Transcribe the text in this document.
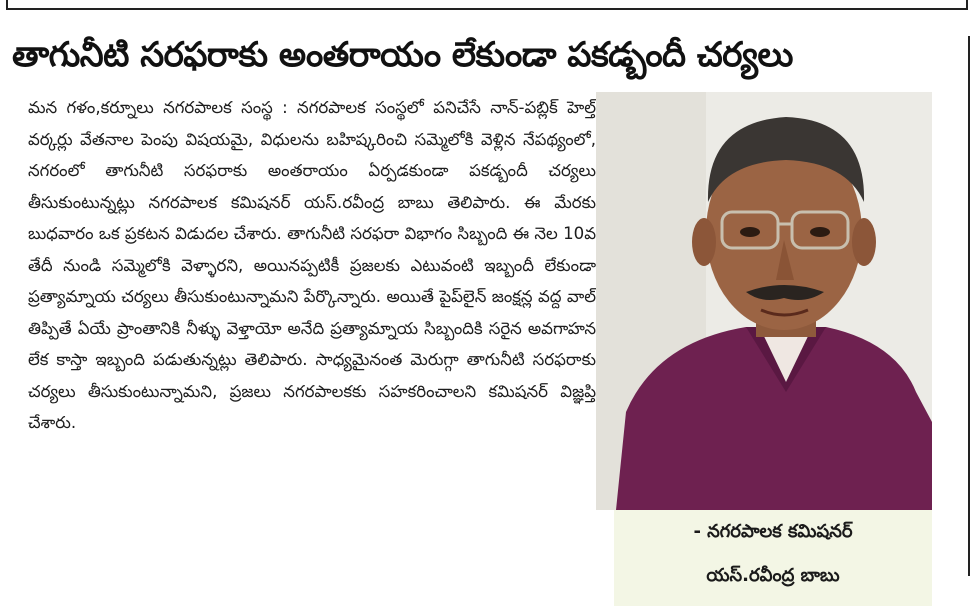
తాగునీటి సరఫరాకు అంతరాయం లేకుండా పకడ్బందీ చర్యలు
మన గళం,కర్నూలు నగరపాలక సంస్థ : నగరపాలక సంస్థలో పనిచేసే నాన్-పబ్లిక్ హెల్త్ వర్కర్లు వేతనాల పెంపు విషయమై, విధులను బహిష్కరించి సమ్మెలోకి వెళ్లిన నేపథ్యంలో, నగరంలో తాగునీటి సరఫరాకు అంతరాయం ఏర్పడకుండా పకడ్బందీ చర్యలు తీసుకుంటున్నట్లు నగరపాలక కమిషనర్ యస్.రవీంద్ర బాబు తెలిపారు. ఈ మేరకు బుధవారం ఒక ప్రకటన విడుదల చేశారు. తాగునీటి సరఫరా విభాగం సిబ్బంది ఈ నెల 10వ తేదీ నుండి సమ్మెలోకి వెళ్ళారని, అయినప్పటికీ ప్రజలకు ఎటువంటి ఇబ్బందీ లేకుండా ప్రత్యామ్నాయ చర్యలు తీసుకుంటున్నామని పేర్కొన్నారు. అయితే పైప్‌లైన్ జంక్షన్ల వద్ద వాల్ తిప్పితే ఏయే ప్రాంతానికి నీళ్ళు వెళ్తాయో అనేది ప్రత్యామ్నాయ సిబ్బందికి సరైన అవగాహన లేక కాస్తా ఇబ్బంది పడుతున్నట్లు తెలిపారు. సాధ్యమైనంత మెరుగ్గా తాగునీటి సరఫరాకు చర్యలు తీసుకుంటున్నామని, ప్రజలు నగరపాలకకు సహకరించాలని కమిషనర్ విజ్ఞప్తి చేశారు.
- నగరపాలక కమిషనర్
యస్.రవీంద్ర బాబు
